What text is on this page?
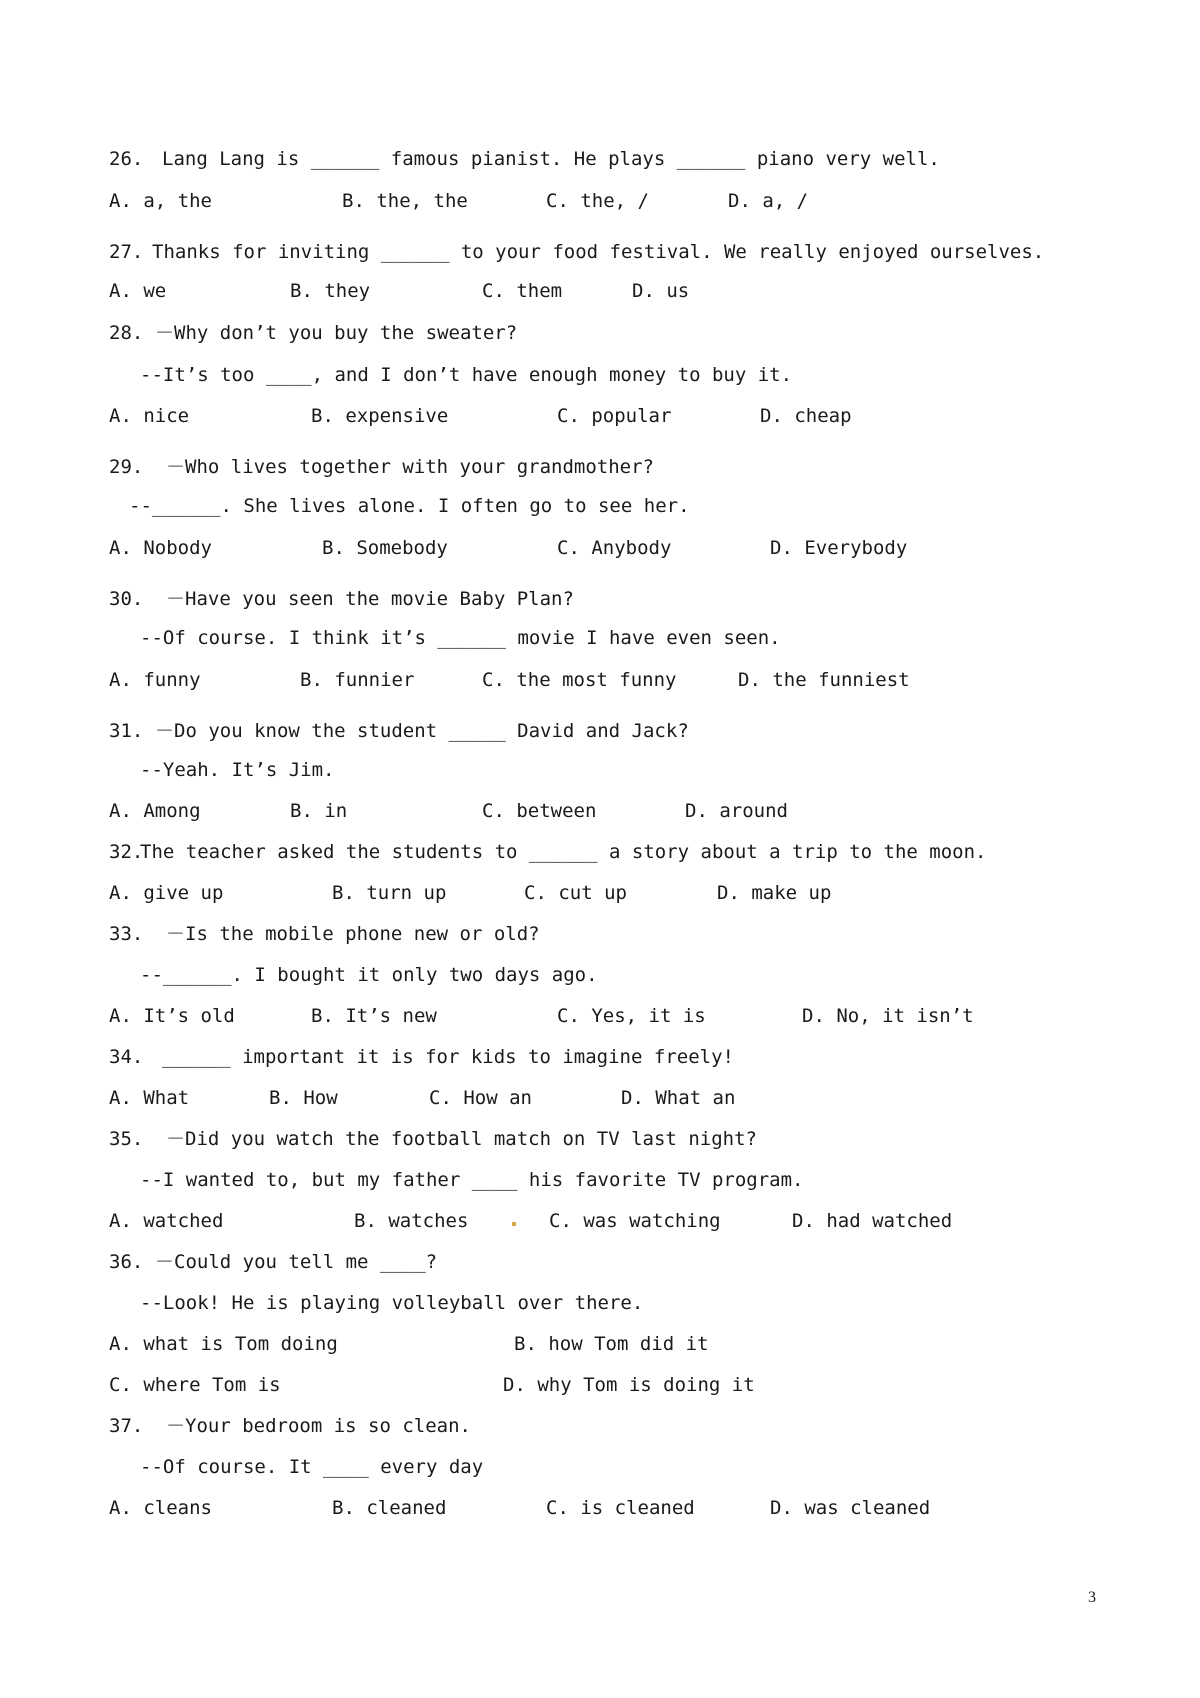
26. Lang Lang is ______ famous pianist. He plays ______ piano very well.
A. a, the	B. the, the	C. the, /	D. a, /
27. Thanks for inviting ______ to your food festival. We really enjoyed ourselves.
A. we	B. they	C. them	D. us
28. －Why don’t you buy the sweater?
--It’s too ____, and I don’t have enough money to buy it.
A. nice	B. expensive	C. popular	D. cheap
29. －Who lives together with your grandmother?
--______. She lives alone. I often go to see her.
A. Nobody	B. Somebody	C. Anybody	D. Everybody
30. －Have you seen the movie Baby Plan?
--Of course. I think it’s ______ movie I have even seen.
A. funny	B. funnier	C. the most funny	D. the funniest
31. －Do you know the student _____ David and Jack?
--Yeah. It’s Jim.
A. Among	B. in	C. between	D. around
32.
The teacher asked the students to ______ a story about a trip to the moon.
A. give up	B. turn up	C. cut up	D. make up
33. －Is the mobile phone new or old?
--______. I bought it only two days ago.
A. It’s old	B. It’s new	C. Yes, it is	D. No, it isn’t
34. ______ important it is for kids to imagine freely!
A. What	B. How	C. How an	D. What an
35. －Did you watch the football match on TV last night?
--I wanted to, but my father ____ his favorite TV program.
A. watched	B. watches	C. was watching	D. had watched
36. －Could you tell me ____?
--Look! He is playing volleyball over there.
A. what is Tom doing	B. how Tom did it
C. where Tom is	D. why Tom is doing it
37. －Your bedroom is so clean.
--Of course. It ____ every day
A. cleans	B. cleaned	C. is cleaned	D. was cleaned
3
